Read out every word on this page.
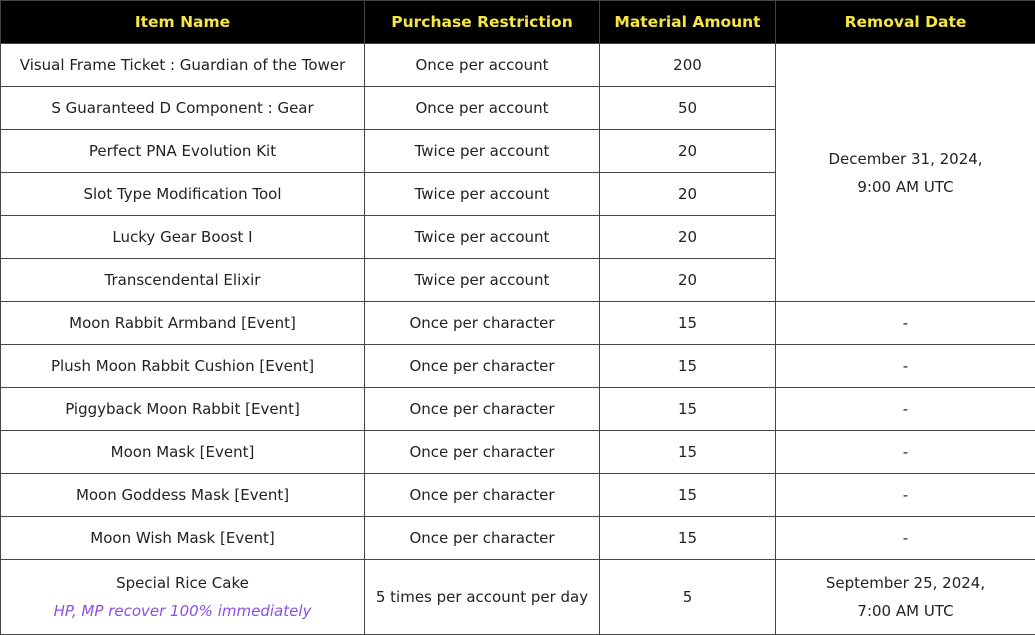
Item Name	Purchase Restriction	Material Amount	Removal Date
Visual Frame Ticket : Guardian of the Tower	Once per account	200	December 31, 2024,
9:00 AM UTC

S Guaranteed D Component : Gear	Once per account	50	
Perfect PNA Evolution Kit	Twice per account	20	
Slot Type Modification Tool	Twice per account	20	
Lucky Gear Boost I	Twice per account	20	
Transcendental Elixir	Twice per account	20	
Moon Rabbit Armband [Event]	Once per character	15	-
Plush Moon Rabbit Cushion [Event]	Once per character	15	-
Piggyback Moon Rabbit [Event]	Once per character	15	-
Moon Mask [Event]	Once per character	15	-
Moon Goddess Mask [Event]	Once per character	15	-
Moon Wish Mask [Event]	Once per character	15	-
Special Rice Cake
HP, MP recover 100% immediately	5 times per account per day	5	September 25, 2024,
7:00 AM UTC
